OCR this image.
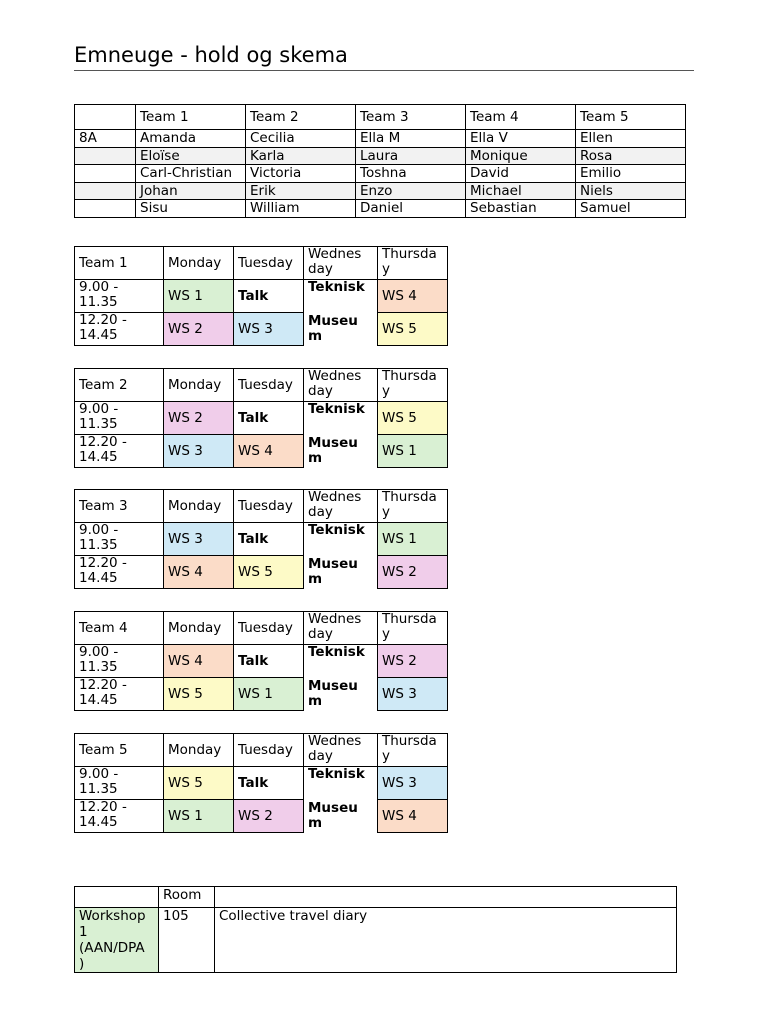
Emneuge - hold og skema
	Team 1	Team 2	Team 3	Team 4	Team 5
8A	Amanda	Cecilia	Ella M	Ella V	Ellen
	Eloïse	Karla	Laura	Monique	Rosa
	Carl-Christian	Victoria	Toshna	David	Emilio
	Johan	Erik	Enzo	Michael	Niels
	Sisu	William	Daniel	Sebastian	Samuel
Team 1	Monday	Tuesday	Wednes day	Thursda y
9.00 - 11.35	WS 1	Talk	Teknisk	WS 4
12.20 - 14.45	WS 2	WS 3	Museu m	WS 5
Team 2	Monday	Tuesday	Wednes day	Thursda y
9.00 - 11.35	WS 2	Talk	Teknisk	WS 5
12.20 - 14.45	WS 3	WS 4	Museu m	WS 1
Team 3	Monday	Tuesday	Wednes day	Thursda y
9.00 - 11.35	WS 3	Talk	Teknisk	WS 1
12.20 - 14.45	WS 4	WS 5	Museu m	WS 2
Team 4	Monday	Tuesday	Wednes day	Thursda y
9.00 - 11.35	WS 4	Talk	Teknisk	WS 2
12.20 - 14.45	WS 5	WS 1	Museu m	WS 3
Team 5	Monday	Tuesday	Wednes day	Thursda y
9.00 - 11.35	WS 5	Talk	Teknisk	WS 3
12.20 - 14.45	WS 1	WS 2	Museu m	WS 4
	Room	
Workshop 1 (AAN/DPA )	105	Collective travel diary
